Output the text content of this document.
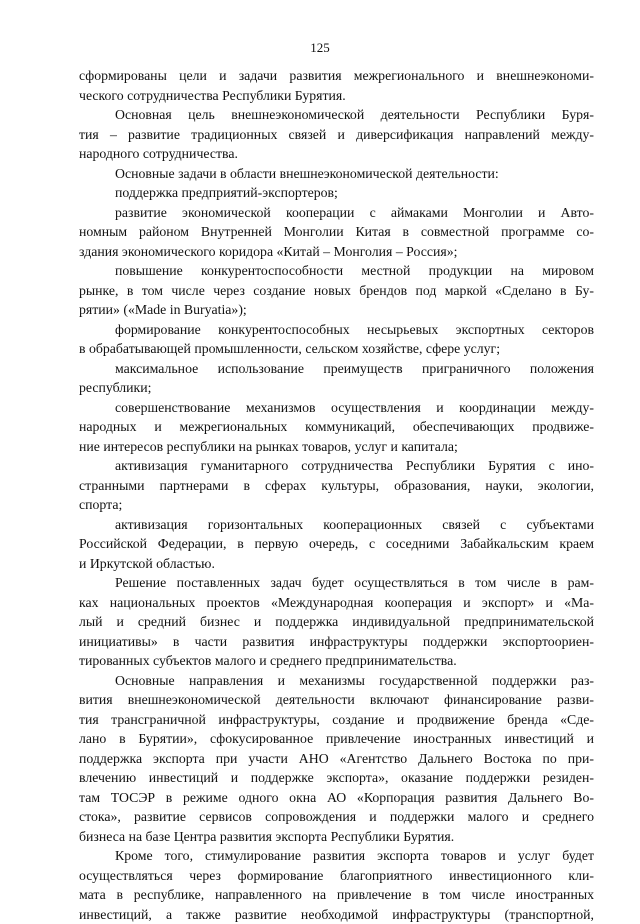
125
сформированы цели и задачи развития межрегионального и внешнеэкономи-
ческого сотрудничества Республики Бурятия.
Основная цель внешнеэкономической деятельности Республики Буря-
тия – развитие традиционных связей и диверсификация направлений между-
народного сотрудничества.
Основные задачи в области внешнеэкономической деятельности:
поддержка предприятий-экспортеров;
развитие экономической кооперации с аймаками Монголии и Авто-
номным районом Внутренней Монголии Китая в совместной программе со-
здания экономического коридора «Китай – Монголия – Россия»;
повышение конкурентоспособности местной продукции на мировом
рынке, в том числе через создание новых брендов под маркой «Сделано в Бу-
рятии» («Made in Buryatia»);
формирование конкурентоспособных несырьевых экспортных секторов
в обрабатывающей промышленности, сельском хозяйстве, сфере услуг;
максимальное использование преимуществ приграничного положения
республики;
совершенствование механизмов осуществления и координации между-
народных и межрегиональных коммуникаций, обеспечивающих продвиже-
ние интересов республики на рынках товаров, услуг и капитала;
активизация гуманитарного сотрудничества Республики Бурятия с ино-
странными партнерами в сферах культуры, образования, науки, экологии,
спорта;
активизация горизонтальных кооперационных связей с субъектами
Российской Федерации, в первую очередь, с соседними Забайкальским краем
и Иркутской областью.
Решение поставленных задач будет осуществляться в том числе в рам-
ках национальных проектов «Международная кооперация и экспорт» и «Ма-
лый и средний бизнес и поддержка индивидуальной предпринимательской
инициативы» в части развития инфраструктуры поддержки экспортоориен-
тированных субъектов малого и среднего предпринимательства.
Основные направления и механизмы государственной поддержки раз-
вития внешнеэкономической деятельности включают финансирование разви-
тия трансграничной инфраструктуры, создание и продвижение бренда «Сде-
лано в Бурятии», сфокусированное привлечение иностранных инвестиций и
поддержка экспорта при участи АНО «Агентство Дальнего Востока по при-
влечению инвестиций и поддержке экспорта», оказание поддержки резиден-
там ТОСЭР в режиме одного окна АО «Корпорация развития Дальнего Во-
стока», развитие сервисов сопровождения и поддержки малого и среднего
бизнеса на базе Центра развития экспорта Республики Бурятия.
Кроме того, стимулирование развития экспорта товаров и услуг будет
осуществляться через формирование благоприятного инвестиционного кли-
мата в республике, направленного на привлечение в том числе иностранных
инвестиций, а также развитие необходимой инфраструктуры (транспортной,
